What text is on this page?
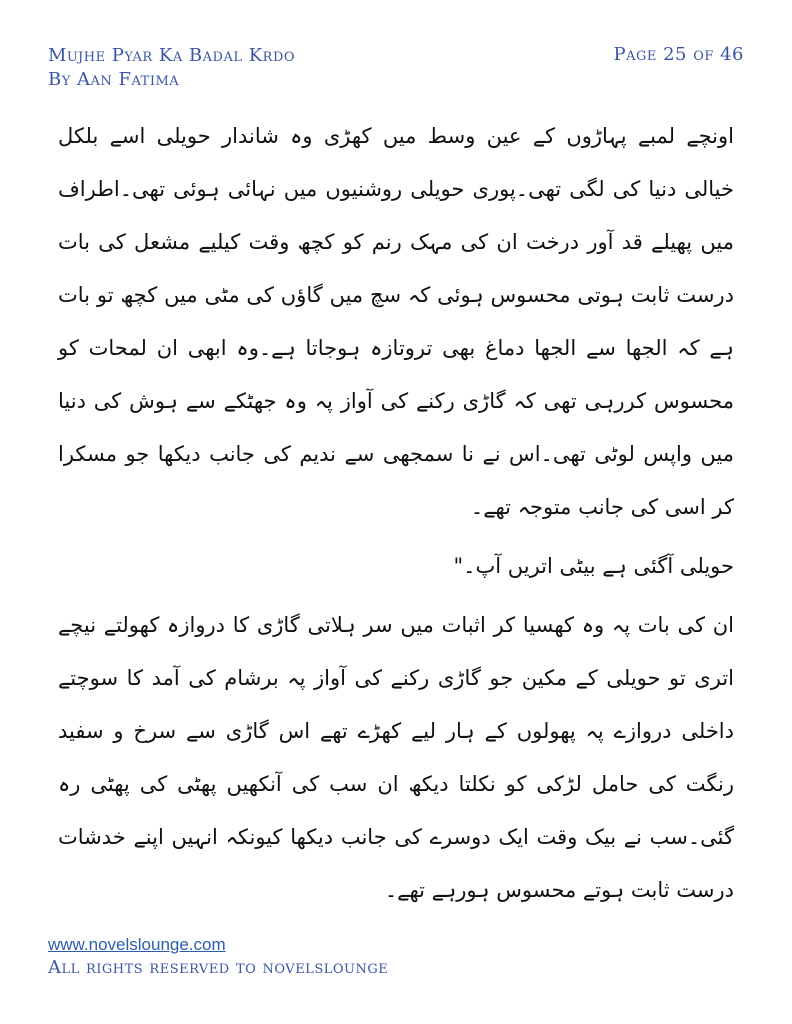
Mujhe Pyar Ka Badal Krdo
By Aan Fatima
Page 25 of 46

اونچے لمبے پہاڑوں کے عین وسط میں کھڑی وہ شاندار حویلی اسے بلکل خیالی دنیا کی لگی تھی۔پوری حویلی روشنیوں میں نہائی ہوئی تھی۔اطراف میں پھیلے قد آور درخت ان کی مہک رنم کو کچھ وقت کیلیے مشعل کی بات درست ثابت ہوتی محسوس ہوئی کہ سچ میں گاؤں کی مٹی میں کچھ تو بات ہے کہ الجھا سے الجھا دماغ بھی تروتازہ ہوجاتا ہے۔وہ ابھی ان لمحات کو محسوس کررہی تھی کہ گاڑی رکنے کی آواز پہ وہ جھٹکے سے ہوش کی دنیا میں واپس لوٹی تھی۔اس نے نا سمجھی سے ندیم کی جانب دیکھا جو مسکرا کر اسی کی جانب متوجہ تھے۔

حویلی آگئی ہے بیٹی اتریں آپ۔"

ان کی بات پہ وہ کھسیا کر اثبات میں سر ہلاتی گاڑی کا دروازہ کھولتے نیچے اتری تو حویلی کے مکین جو گاڑی رکنے کی آواز پہ برشام کی آمد کا سوچتے داخلی دروازے پہ پھولوں کے ہار لیے کھڑے تھے اس گاڑی سے سرخ و سفید رنگت کی حامل لڑکی کو نکلتا دیکھ ان سب کی آنکھیں پھٹی کی پھٹی رہ گئی۔سب نے بیک وقت ایک دوسرے کی جانب دیکھا کیونکہ انہیں اپنے خدشات درست ثابت ہوتے محسوس ہورہے تھے۔

www.novelslounge.com
All rights reserved to novelslounge
